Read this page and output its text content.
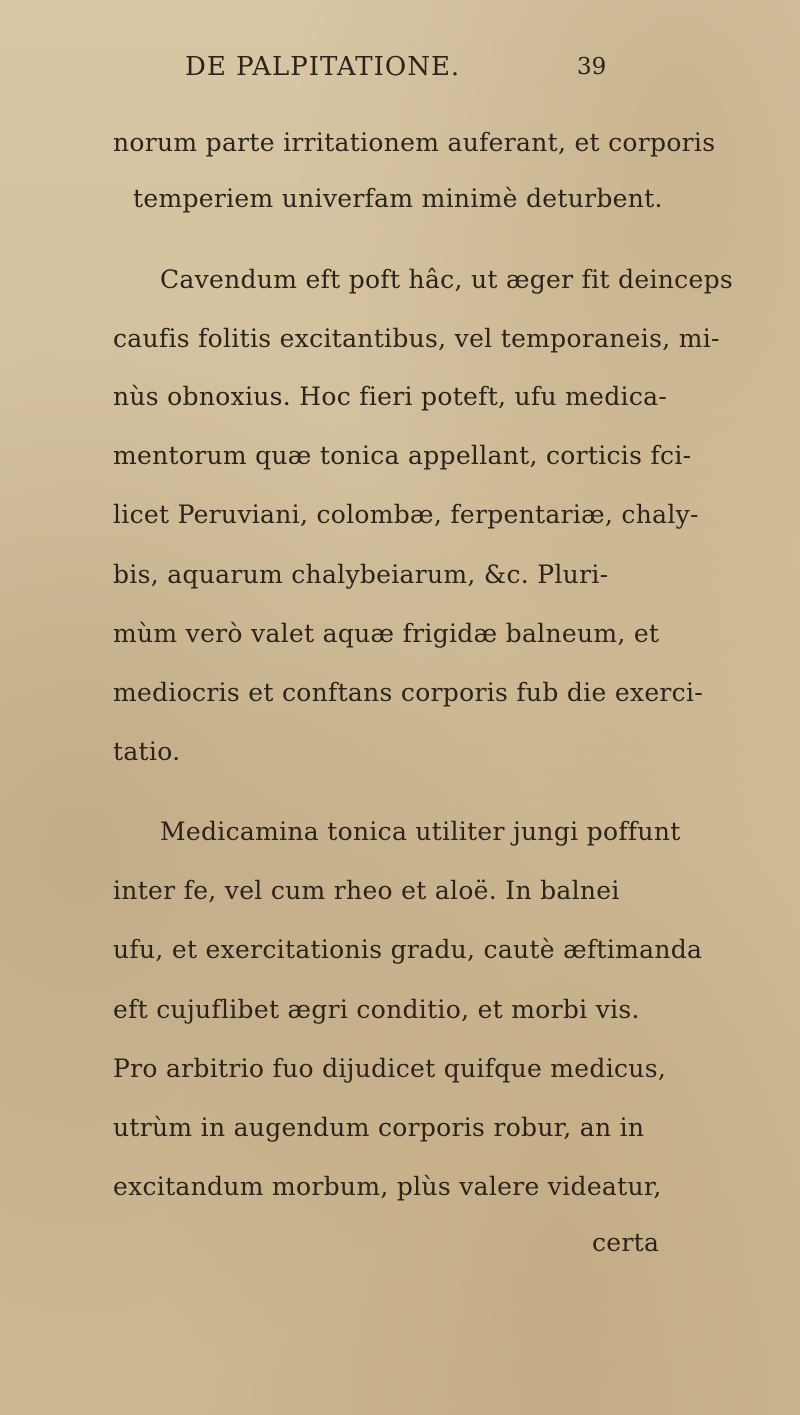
DE PALPITATIONE.	39
norum parte irritationem auferant, et corporis
temperiem univerfam minimè deturbent.
Cavendum eft poft hâc, ut æger fit deinceps
caufis folitis excitantibus, vel temporaneis, mi-
nùs obnoxius. Hoc fieri poteft, ufu medica-
mentorum quæ tonica appellant, corticis fci-
licet Peruviani, colombæ, ferpentariæ, chaly-
bis, aquarum chalybeiarum, &c. Pluri-
mùm verò valet aquæ frigidæ balneum, et
mediocris et conftans corporis fub die exerci-
tatio.
Medicamina tonica utiliter jungi poffunt
inter fe, vel cum rheo et aloë. In balnei
ufu, et exercitationis gradu, cautè æftimanda
eft cujuflibet ægri conditio, et morbi vis.
Pro arbitrio fuo dijudicet quifque medicus,
utrùm in augendum corporis robur, an in
excitandum morbum, plùs valere videatur,
certa
